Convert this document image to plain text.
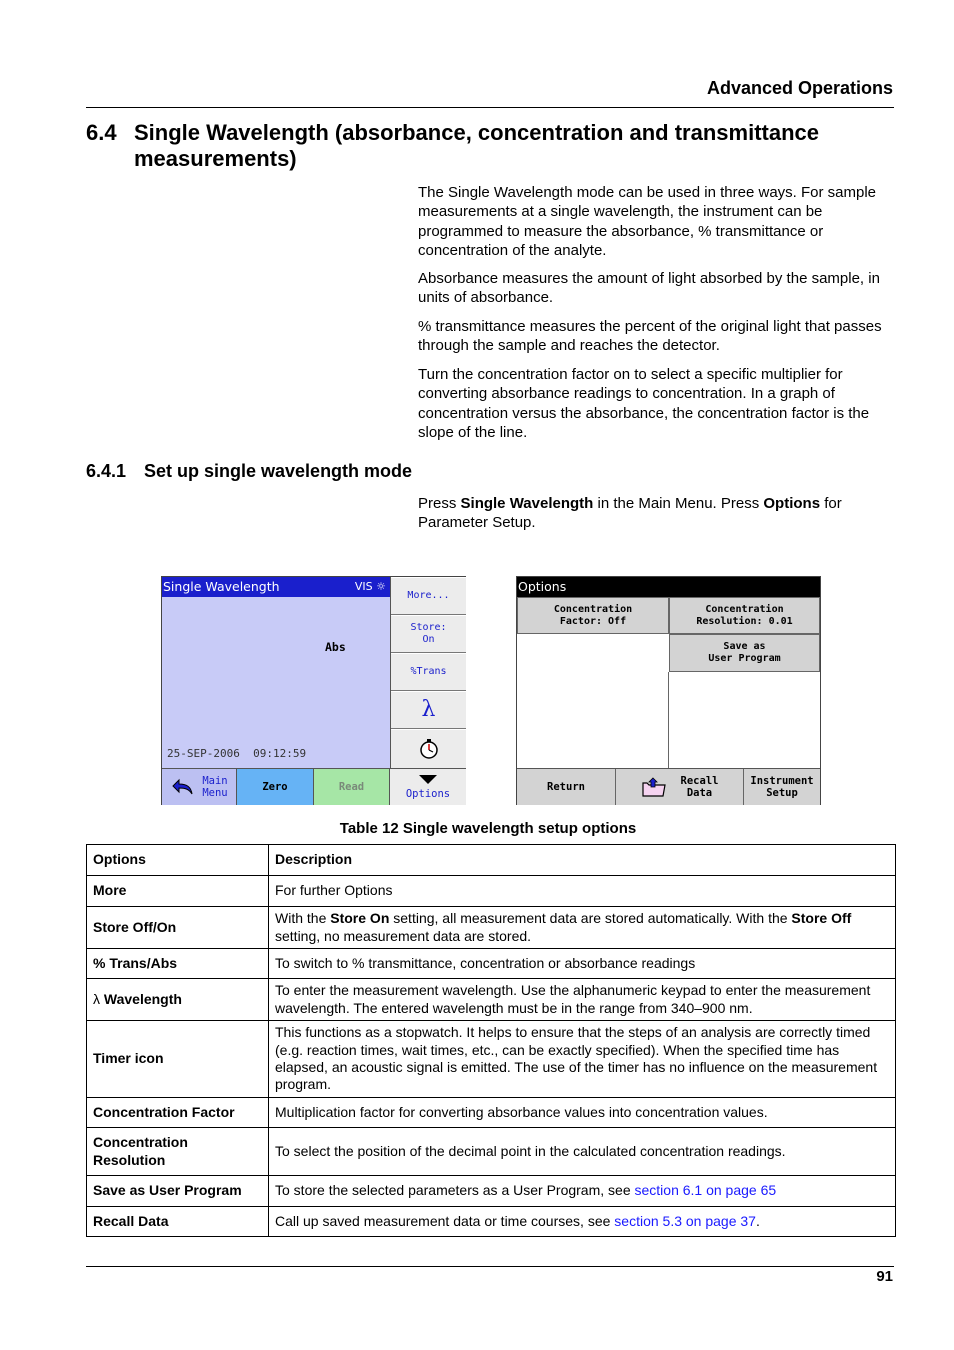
Advanced Operations
6.4 Single Wavelength (absorbance, concentration and transmittance measurements)

The Single Wavelength mode can be used in three ways. For sample measurements at a single wavelength, the instrument can be programmed to measure the absorbance, % transmittance or concentration of the analyte.

Absorbance measures the amount of light absorbed by the sample, in units of absorbance.

% transmittance measures the percent of the original light that passes through the sample and reaches the detector.

Turn the concentration factor on to select a specific multiplier for converting absorbance readings to concentration. In a graph of concentration versus the absorbance, the concentration factor is the slope of the line.

6.4.1 Set up single wavelength mode

Press Single Wavelength in the Main Menu. Press Options for Parameter Setup.

Single Wavelength	VIS ☼
Abs
25-SEP-2006 09:12:59
More...
Store:
On
%Trans
λ
Main
Menu	Zero	Read
Options
Options
Concentration
Factor: Off
Concentration
Resolution: 0.01
Save as
User Program
Return	Recall
Data
Instrument
Setup
Table 12 Single wavelength setup options
Options	Description
More	For further Options
Store Off/On	With the Store On setting, all measurement data are stored automatically. With the Store Off setting, no measurement data are stored.
% Trans/Abs	To switch to % transmittance, concentration or absorbance readings
λ Wavelength	To enter the measurement wavelength. Use the alphanumeric keypad to enter the measurement wavelength. The entered wavelength must be in the range from 340–900 nm.
Timer icon	This functions as a stopwatch. It helps to ensure that the steps of an analysis are correctly timed (e.g. reaction times, wait times, etc., can be exactly specified). When the specified time has elapsed, an acoustic signal is emitted. The use of the timer has no influence on the measurement program.
Concentration Factor	Multiplication factor for converting absorbance values into concentration values.
Concentration
Resolution	To select the position of the decimal point in the calculated concentration readings.
Save as User Program	To store the selected parameters as a User Program, see section 6.1 on page 65
Recall Data	Call up saved measurement data or time courses, see section 5.3 on page 37.
91
